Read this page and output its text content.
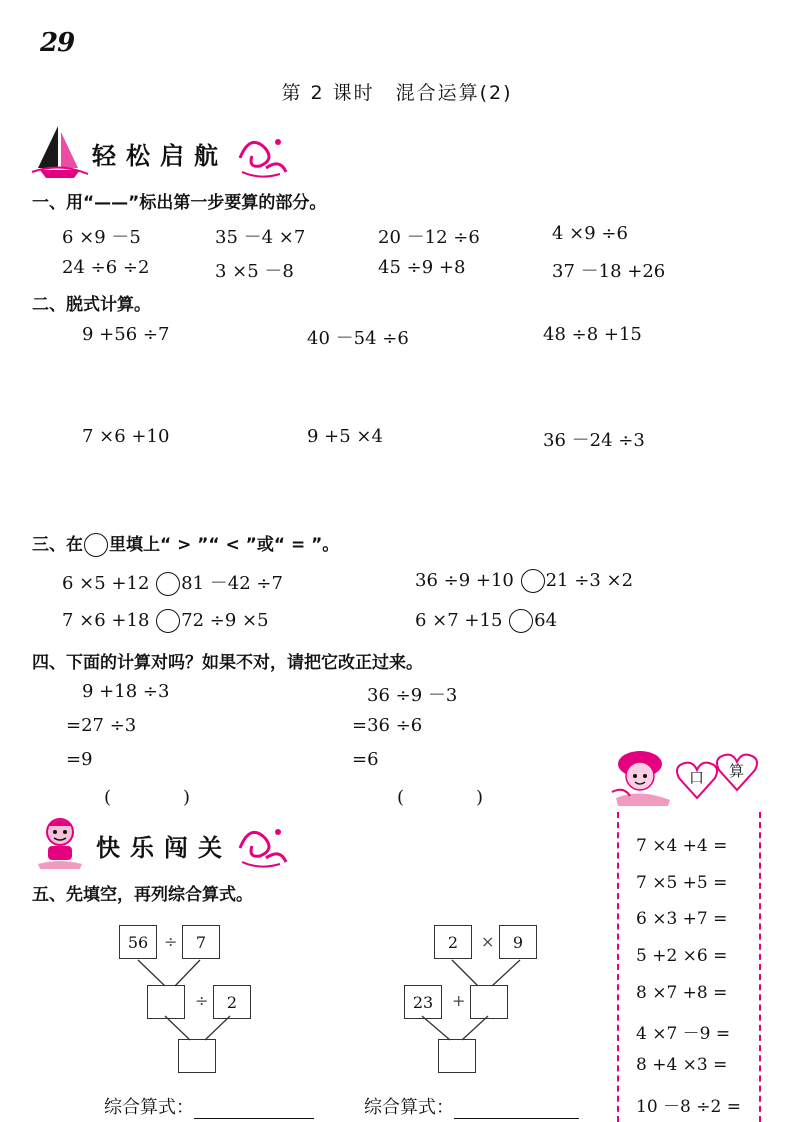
29
第 2 课时　混合运算(2)
轻松启航
一、用“——”标出第一步要算的部分。
6 ×9 －5	35 －4 ×7	20 －12 ÷6	4 ×9 ÷6
24 ÷6 ÷2	3 ×5 －8	45 ÷9 +8	37 －18 +26
二、脱式计算。
9 +56 ÷7	40 －54 ÷6	48 ÷8 +15
7 ×6 +10	9 +5 ×4	36 －24 ÷3
三、在 里填上“ > ”“ < ”或“ = ”。
6 ×5 +12 81 －42 ÷7	36 ÷9 +10 21 ÷3 ×2
7 ×6 +18 72 ÷9 ×5	6 ×7 +15 64
四、下面的计算对吗？如果不对，请把它改正过来。
9 +18 ÷3
=27 ÷3
=9
(　　　　)
36 ÷9 －3
=36 ÷6
=6
(　　　　)
快乐闯关
五、先填空，再列综合算式。
56 ÷	7
÷	2
2	×	9
23	+
综合算式：	综合算式：
口 算
7 ×4 +4 =
7 ×5 +5 =
6 ×3 +7 =
5 +2 ×6 =
8 ×7 +8 =
4 ×7 －9 =
8 +4 ×3 =
10 －8 ÷2 =
